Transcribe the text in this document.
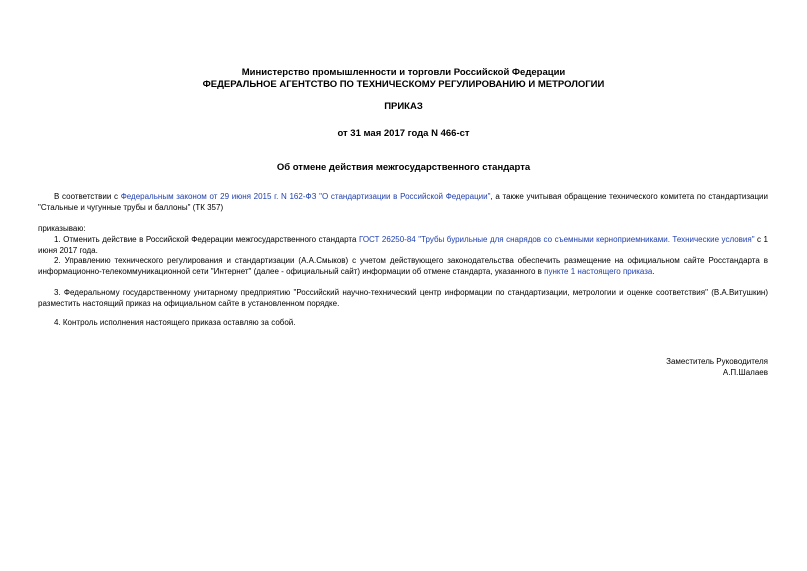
Министерство промышленности и торговли Российской Федерации
ФЕДЕРАЛЬНОЕ АГЕНТСТВО ПО ТЕХНИЧЕСКОМУ РЕГУЛИРОВАНИЮ И МЕТРОЛОГИИ
ПРИКАЗ
от 31 мая 2017 года N 466-ст
Об отмене действия межгосударственного стандарта
В соответствии с Федеральным законом от 29 июня 2015 г. N 162-ФЗ "О стандартизации в Российской Федерации", а также учитывая обращение технического комитета по стандартизации "Стальные и чугунные трубы и баллоны" (ТК 357)
приказываю:
1. Отменить действие в Российской Федерации межгосударственного стандарта ГОСТ 26250-84 "Трубы бурильные для снарядов со съемными керноприемниками. Технические условия" с 1 июня 2017 года.
2. Управлению технического регулирования и стандартизации (А.А.Смыков) с учетом действующего законодательства обеспечить размещение на официальном сайте Росстандарта в информационно-телекоммуникационной сети "Интернет" (далее - официальный сайт) информации об отмене стандарта, указанного в пункте 1 настоящего приказа.
3. Федеральному государственному унитарному предприятию "Российский научно-технический центр информации по стандартизации, метрологии и оценке соответствия" (В.А.Витушкин) разместить настоящий приказ на официальном сайте в установленном порядке.
4. Контроль исполнения настоящего приказа оставляю за собой.
Заместитель Руководителя
А.П.Шалаев
